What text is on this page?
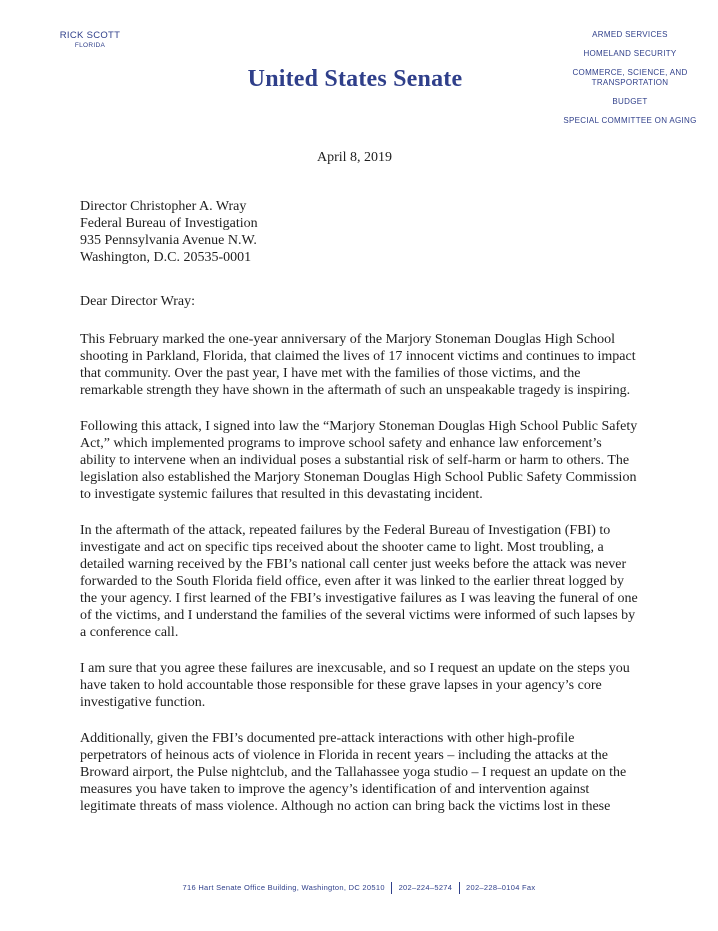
RICK SCOTT
FLORIDA
United States Senate
ARMED SERVICES
HOMELAND SECURITY
COMMERCE, SCIENCE, AND TRANSPORTATION
BUDGET
SPECIAL COMMITTEE ON AGING
April 8, 2019
Director Christopher A. Wray
Federal Bureau of Investigation
935 Pennsylvania Avenue N.W.
Washington, D.C. 20535-0001
Dear Director Wray:

This February marked the one-year anniversary of the Marjory Stoneman Douglas High School shooting in Parkland, Florida, that claimed the lives of 17 innocent victims and continues to impact that community. Over the past year, I have met with the families of those victims, and the remarkable strength they have shown in the aftermath of such an unspeakable tragedy is inspiring.

Following this attack, I signed into law the “Marjory Stoneman Douglas High School Public Safety Act,” which implemented programs to improve school safety and enhance law enforcement’s ability to intervene when an individual poses a substantial risk of self-harm or harm to others. The legislation also established the Marjory Stoneman Douglas High School Public Safety Commission to investigate systemic failures that resulted in this devastating incident.

In the aftermath of the attack, repeated failures by the Federal Bureau of Investigation (FBI) to investigate and act on specific tips received about the shooter came to light. Most troubling, a detailed warning received by the FBI’s national call center just weeks before the attack was never forwarded to the South Florida field office, even after it was linked to the earlier threat logged by the your agency. I first learned of the FBI’s investigative failures as I was leaving the funeral of one of the victims, and I understand the families of the several victims were informed of such lapses by a conference call.

I am sure that you agree these failures are inexcusable, and so I request an update on the steps you have taken to hold accountable those responsible for these grave lapses in your agency’s core investigative function.

Additionally, given the FBI’s documented pre-attack interactions with other high-profile perpetrators of heinous acts of violence in Florida in recent years – including the attacks at the Broward airport, the Pulse nightclub, and the Tallahassee yoga studio – I request an update on the measures you have taken to improve the agency’s identification of and intervention against legitimate threats of mass violence. Although no action can bring back the victims lost in these

716 Hart Senate Office Building, Washington, DC 20510 202–224–5274 202–228–0104 Fax
